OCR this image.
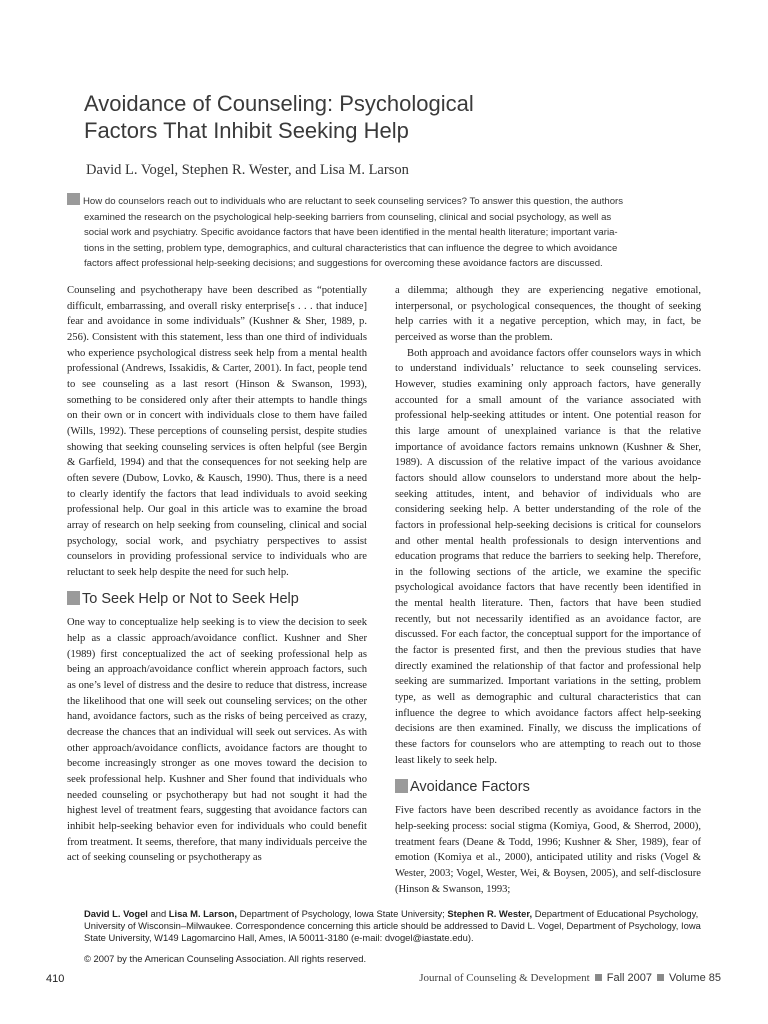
Avoidance of Counseling: Psychological
Factors That Inhibit Seeking Help
David L. Vogel, Stephen R. Wester, and Lisa M. Larson
How do counselors reach out to individuals who are reluctant to seek counseling services? To answer this question, the authors
examined the research on the psychological help-seeking barriers from counseling, clinical and social psychology, as well as
social work and psychiatry. Specific avoidance factors that have been identified in the mental health literature; important varia-
tions in the setting, problem type, demographics, and cultural characteristics that can influence the degree to which avoidance
factors affect professional help-seeking decisions; and suggestions for overcoming these avoidance factors are discussed.

Counseling and psychotherapy have been described as “potentially difficult, embarrassing, and overall risky enterprise[s . . . that induce] fear and avoidance in some individuals” (Kushner & Sher, 1989, p. 256). Consistent with this statement, less than one third of individuals who experience psychological distress seek help from a mental health professional (Andrews, Issakidis, & Carter, 2001). In fact, people tend to see counseling as a last resort (Hinson & Swanson, 1993), something to be considered only after their attempts to handle things on their own or in concert with individuals close to them have failed (Wills, 1992). These perceptions of counseling persist, despite studies showing that seeking counseling services is often helpful (see Bergin & Garfield, 1994) and that the consequences for not seeking help are often severe (Dubow, Lovko, & Kausch, 1990). Thus, there is a need to clearly identify the factors that lead individuals to avoid seeking professional help. Our goal in this article was to examine the broad array of research on help seeking from counseling, clinical and social psychology, social work, and psychiatry perspectives to assist counselors in providing professional service to individuals who are reluctant to seek help despite the need for such help.

To Seek Help or Not to Seek Help

One way to conceptualize help seeking is to view the decision to seek help as a classic approach/avoidance conflict. Kushner and Sher (1989) first conceptualized the act of seeking professional help as being an approach/avoidance conflict wherein approach factors, such as one’s level of distress and the desire to reduce that distress, increase the likelihood that one will seek out counseling services; on the other hand, avoidance factors, such as the risks of being perceived as crazy, decrease the chances that an individual will seek out services. As with other approach/avoidance conflicts, avoidance factors are thought to become increasingly stronger as one moves toward the decision to seek professional help. Kushner and Sher found that individuals who needed counseling or psychotherapy but had not sought it had the highest level of treatment fears, suggesting that avoidance factors can inhibit help-seeking behavior even for individuals who could benefit from treatment. It seems, therefore, that many individuals perceive the act of seeking counseling or psychotherapy as

a dilemma; although they are experiencing negative emotional, interpersonal, or psychological consequences, the thought of seeking help carries with it a negative perception, which may, in fact, be perceived as worse than the problem.

Both approach and avoidance factors offer counselors ways in which to understand individuals’ reluctance to seek counseling services. However, studies examining only approach factors, have generally accounted for a small amount of the variance associated with professional help-seeking attitudes or intent. One potential reason for this large amount of unexplained variance is that the relative importance of avoidance factors remains unknown (Kushner & Sher, 1989). A discussion of the relative impact of the various avoidance factors should allow counselors to understand more about the help-seeking attitudes, intent, and behavior of individuals who are considering seeking help. A better understanding of the role of the factors in professional help-seeking decisions is critical for counselors and other mental health professionals to design interventions and education programs that reduce the barriers to seeking help. Therefore, in the following sections of the article, we examine the specific psychological avoidance factors that have recently been identified in the mental health literature. Then, factors that have been studied recently, but not necessarily identified as an avoidance factor, are discussed. For each factor, the conceptual support for the importance of the factor is presented first, and then the previous studies that have directly examined the relationship of that factor and professional help seeking are summarized. Important variations in the setting, problem type, as well as demographic and cultural characteristics that can influence the degree to which avoidance factors affect help-seeking decisions are then examined. Finally, we discuss the implications of these factors for counselors who are attempting to reach out to those least likely to seek help.

Avoidance Factors

Five factors have been described recently as avoidance factors in the help-seeking process: social stigma (Komiya, Good, & Sherrod, 2000), treatment fears (Deane & Todd, 1996; Kushner & Sher, 1989), fear of emotion (Komiya et al., 2000), anticipated utility and risks (Vogel & Wester, 2003; Vogel, Wester, Wei, & Boysen, 2005), and self-disclosure (Hinson & Swanson, 1993;

David L. Vogel and Lisa M. Larson, Department of Psychology, Iowa State University; Stephen R. Wester, Department of Educational Psychology, University of Wisconsin–Milwaukee. Correspondence concerning this article should be addressed to David L. Vogel, Department of Psychology, Iowa State University, W149 Lagomarcino Hall, Ames, IA 50011-3180 (e-mail: dvogel@iastate.edu).
© 2007 by the American Counseling Association. All rights reserved.
410	Journal of Counseling & Development Fall 2007 Volume 85
